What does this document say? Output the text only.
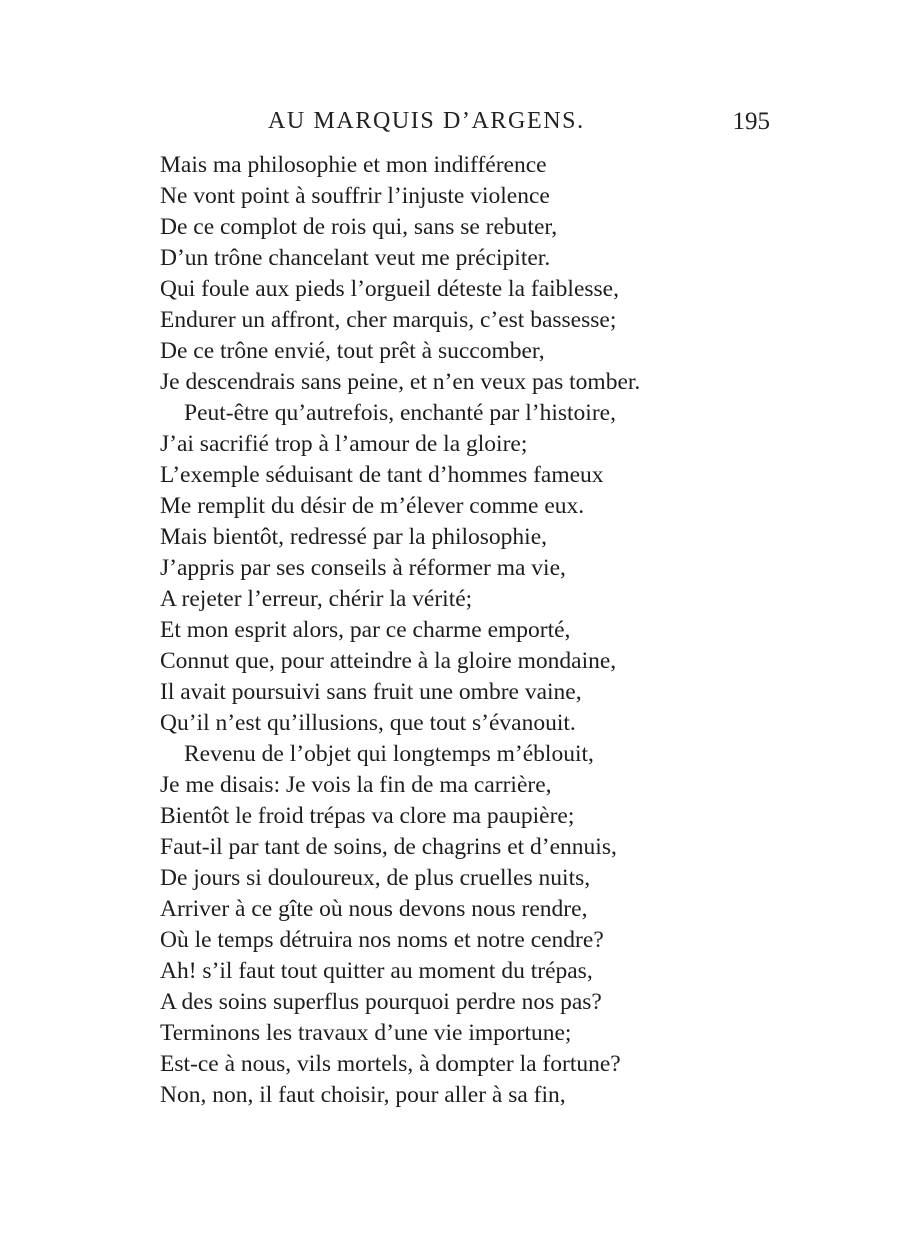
AU MARQUIS D’ARGENS.	195
Mais ma philosophie et mon indifférence
Ne vont point à souffrir l’injuste violence
De ce complot de rois qui, sans se rebuter,
D’un trône chancelant veut me précipiter.
Qui foule aux pieds l’orgueil déteste la faiblesse,
Endurer un affront, cher marquis, c’est bassesse;
De ce trône envié, tout prêt à succomber,
Je descendrais sans peine, et n’en veux pas tomber.
Peut-être qu’autrefois, enchanté par l’histoire,
J’ai sacrifié trop à l’amour de la gloire;
L’exemple séduisant de tant d’hommes fameux
Me remplit du désir de m’élever comme eux.
Mais bientôt, redressé par la philosophie,
J’appris par ses conseils à réformer ma vie,
A rejeter l’erreur, chérir la vérité;
Et mon esprit alors, par ce charme emporté,
Connut que, pour atteindre à la gloire mondaine,
Il avait poursuivi sans fruit une ombre vaine,
Qu’il n’est qu’illusions, que tout s’évanouit.
Revenu de l’objet qui longtemps m’éblouit,
Je me disais: Je vois la fin de ma carrière,
Bientôt le froid trépas va clore ma paupière;
Faut-il par tant de soins, de chagrins et d’ennuis,
De jours si douloureux, de plus cruelles nuits,
Arriver à ce gîte où nous devons nous rendre,
Où le temps détruira nos noms et notre cendre?
Ah! s’il faut tout quitter au moment du trépas,
A des soins superflus pourquoi perdre nos pas?
Terminons les travaux d’une vie importune;
Est-ce à nous, vils mortels, à dompter la fortune?
Non, non, il faut choisir, pour aller à sa fin,
